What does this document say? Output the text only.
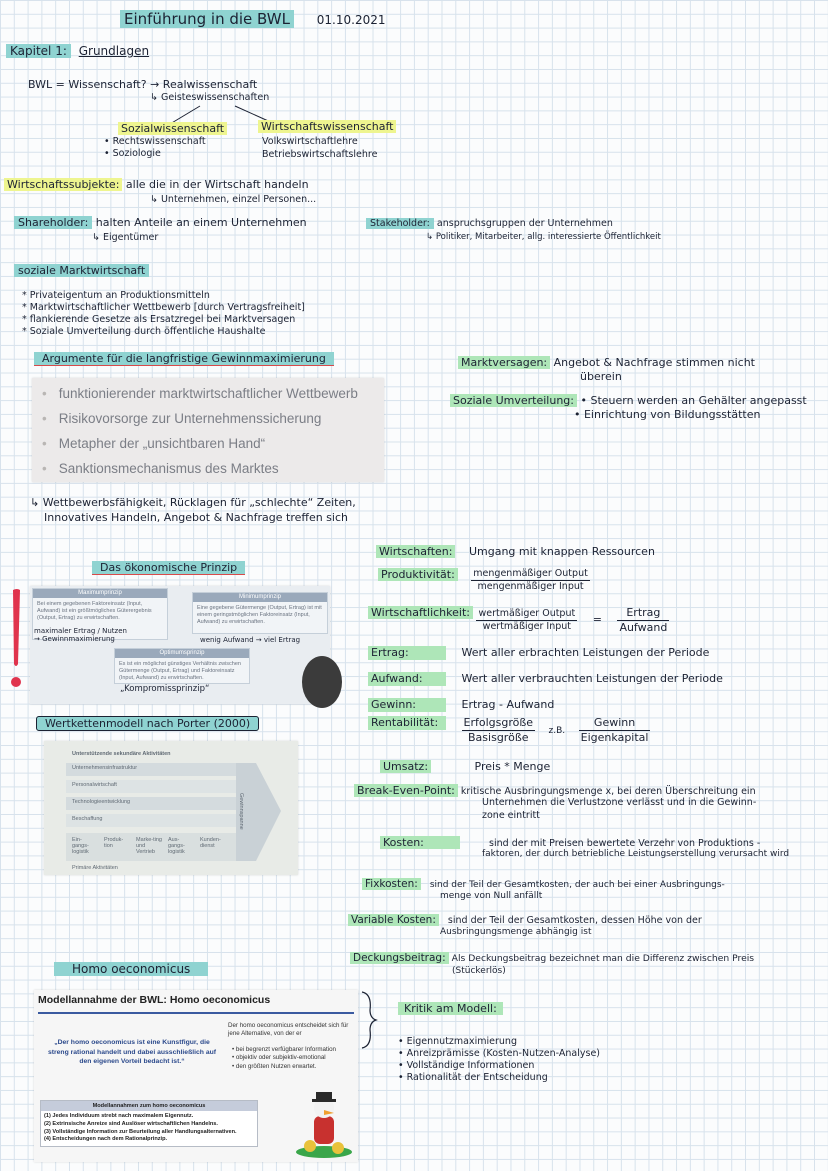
Einführung in die BWL 01.10.2021
Kapitel 1: Grundlagen
BWL = Wissenschaft? → Realwissenschaft
↳ Geisteswissenschaften
Sozialwissenschaft
• Rechtswissenschaft
• Soziologie
Wirtschaftswissenschaft
Volkswirtschaftlehre
Betriebswirtschaftslehre
Wirtschaftssubjekte: alle die in der Wirtschaft handeln
↳ Unternehmen, einzel Personen...
Shareholder: halten Anteile an einem Unternehmen
↳ Eigentümer
Stakeholder: anspruchsgruppen der Unternehmen
↳ Politiker, Mitarbeiter, allg. interessierte Öffentlichkeit
soziale Marktwirtschaft
* Privateigentum an Produktionsmitteln
* Marktwirtschaftlicher Wettbewerb [durch Vertragsfreiheit]
* flankierende Gesetze als Ersatzregel bei Marktversagen
* Soziale Umverteilung durch öffentliche Haushalte
Argumente für die langfristige Gewinnmaximierung
• funktionierender marktwirtschaftlicher Wettbewerb
• Risikovorsorge zur Unternehmenssicherung
• Metapher der „unsichtbaren Hand“
• Sanktionsmechanismus des Marktes
↳ Wettbewerbsfähigkeit, Rücklagen für „schlechte“ Zeiten,
Innovatives Handeln, Angebot & Nachfrage treffen sich
Marktversagen: Angebot & Nachfrage stimmen nicht
überein
Soziale Umverteilung: • Steuern werden an Gehälter angepasst
• Einrichtung von Bildungsstätten
Das ökonomische Prinzip
Maximumprinzip
Bei einem gegebenen Faktoreinsatz (Input, Aufwand) ist ein größtmögliches Güterergebnis (Output, Ertrag) zu erwirtschaften.
maximaler Ertrag / Nutzen
→ Gewinnmaximierung
Minimumprinzip
Eine gegebene Gütermenge (Output, Ertrag) ist mit einem geringstmöglichen Faktoreinsatz (Input, Aufwand) zu erwirtschaften.
wenig Aufwand → viel Ertrag
Optimumsprinzip
Es ist ein möglichst günstiges Verhältnis zwischen Gütermenge (Output, Ertrag) und Faktoreinsatz (Input, Aufwand) zu erwirtschaften.
„Kompromissprinzip“
Wertkettenmodell nach Porter (2000)
Unterstützende sekundäre Aktivitäten
Unternehmensinfrastruktur
Personalwirtschaft
Technologieentwicklung
Beschaffung
Ein-gangs-logistik
Produk-tion
Marke-ting und Vertrieb
Aus-gangs-logistik
Kunden-dienst
Gewinnspanne
Primäre Aktivitäten
Wirtschaften: Umgang mit knappen Ressourcen
Produktivität: $\frac{\text{mengenmäßiger Output}}{\text{mengenmäßiger Input}}$
Wirtschaftlichkeit: $\frac{\text{wertmäßiger Output}}{\text{wertmäßiger Input}} = \frac{\text{Ertrag}}{\text{Aufwand}}$
Ertrag:	Wert aller erbrachten Leistungen der Periode
Aufwand:	Wert aller verbrauchten Leistungen der Periode
Gewinn:	Ertrag - Aufwand
Rentabilität: $\frac{\text{Erfolgsgröße}}{\text{Basisgröße}} z.B$. $\frac{\text{Gewinn}}{\text{Eigenkapital}}$
Umsatz:	Preis * Menge
Break-Even-Point: kritische Ausbringungsmenge x, bei deren Überschreitung ein
Unternehmen die Verlustzone verlässt und in die Gewinn-
zone eintritt
Kosten:	sind der mit Preisen bewertete Verzehr von Produktions -
faktoren, der durch betriebliche Leistungserstellung verursacht wird
Fixkosten: sind der Teil der Gesamtkosten, der auch bei einer Ausbringungs-
menge von Null anfällt
Variable Kosten: sind der Teil der Gesamtkosten, dessen Höhe von der
Ausbringungsmenge abhängig ist
Deckungsbeitrag: Als Deckungsbeitrag bezeichnet man die Differenz zwischen Preis
(Stückerlös)
Homo oeconomicus
Modellannahme der BWL: Homo oeconomicus
„Der homo oeconomicus ist eine Kunstfigur, die streng rational handelt und dabei ausschließlich auf den eigenen Vorteil bedacht ist.“
Der homo oeconomicus entscheidet sich für jene Alternative, von der er
• bei begrenzt verfügbarer Information
• objektiv oder subjektiv-emotional
• den größten Nutzen erwartet.
Modellannahmen zum homo oeconomicus
(1) Jedes Individuum strebt nach maximalem Eigennutz.
(2) Extrinsische Anreize sind Auslöser wirtschaftlichen Handelns.
(3) Vollständige Information zur Beurteilung aller Handlungsalternativen.
(4) Entscheidungen nach dem Rationalprinzip.
Kritik am Modell:
• Eigennutzmaximierung
• Anreizprämisse (Kosten-Nutzen-Analyse)
• Vollständige Informationen
• Rationalität der Entscheidung
